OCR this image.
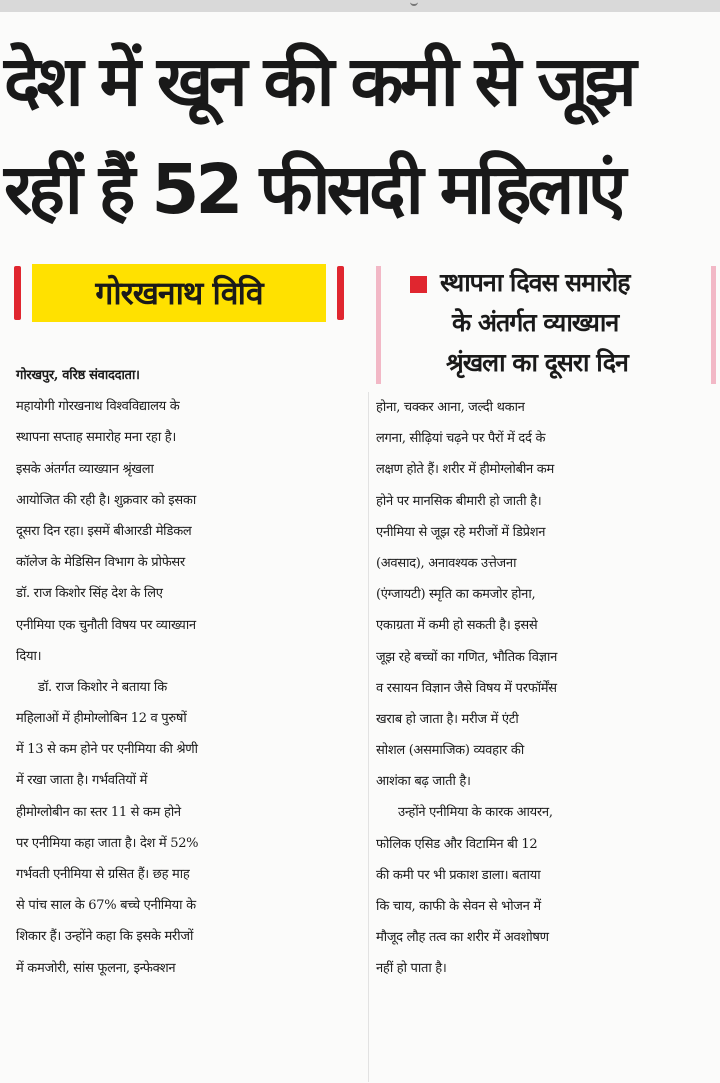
देश में खून की कमी से जूझ
रहीं हैं 52 फीसदी महिलाएं
गोरखनाथ विवि	स्थापना दिवस समारोह
के अंतर्गत व्याख्यान
श्रृंखला का दूसरा दिन
गोरखपुर, वरिष्ठ संवाददाता।
महायोगी गोरखनाथ विश्वविद्यालय के
स्थापना सप्ताह समारोह मना रहा है।
इसके अंतर्गत व्याख्यान श्रृंखला
आयोजित की रही है। शुक्रवार को इसका
दूसरा दिन रहा। इसमें बीआरडी मेडिकल
कॉलेज के मेडिसिन विभाग के प्रोफेसर
डॉ. राज किशोर सिंह देश के लिए
एनीमिया एक चुनौती विषय पर व्याख्यान
दिया।
डॉ. राज किशोर ने बताया कि
महिलाओं में हीमोग्लोबिन 12 व पुरुषों
में 13 से कम होने पर एनीमिया की श्रेणी
में रखा जाता है। गर्भवतियों में
हीमोग्लोबीन का स्तर 11 से कम होने
पर एनीमिया कहा जाता है। देश में 52%
गर्भवती एनीमिया से ग्रसित हैं। छह माह
से पांच साल के 67% बच्चे एनीमिया के
शिकार हैं। उन्होंने कहा कि इसके मरीजों
में कमजोरी, सांस फूलना, इन्फेक्शन
होना, चक्कर आना, जल्दी थकान
लगना, सीढ़ियां चढ़ने पर पैरों में दर्द के
लक्षण होते हैं। शरीर में हीमोग्लोबीन कम
होने पर मानसिक बीमारी हो जाती है।
एनीमिया से जूझ रहे मरीजों में डिप्रेशन
(अवसाद), अनावश्यक उत्तेजना
(एंग्जायटी) स्मृति का कमजोर होना,
एकाग्रता में कमी हो सकती है। इससे
जूझ रहे बच्चों का गणित, भौतिक विज्ञान
व रसायन विज्ञान जैसे विषय में परफॉर्मेंस
खराब हो जाता है। मरीज में एंटी
सोशल (असमाजिक) व्यवहार की
आशंका बढ़ जाती है।
उन्होंने एनीमिया के कारक आयरन,
फोलिक एसिड और विटामिन बी 12
की कमी पर भी प्रकाश डाला। बताया
कि चाय, काफी के सेवन से भोजन में
मौजूद लौह तत्व का शरीर में अवशोषण
नहीं हो पाता है।
